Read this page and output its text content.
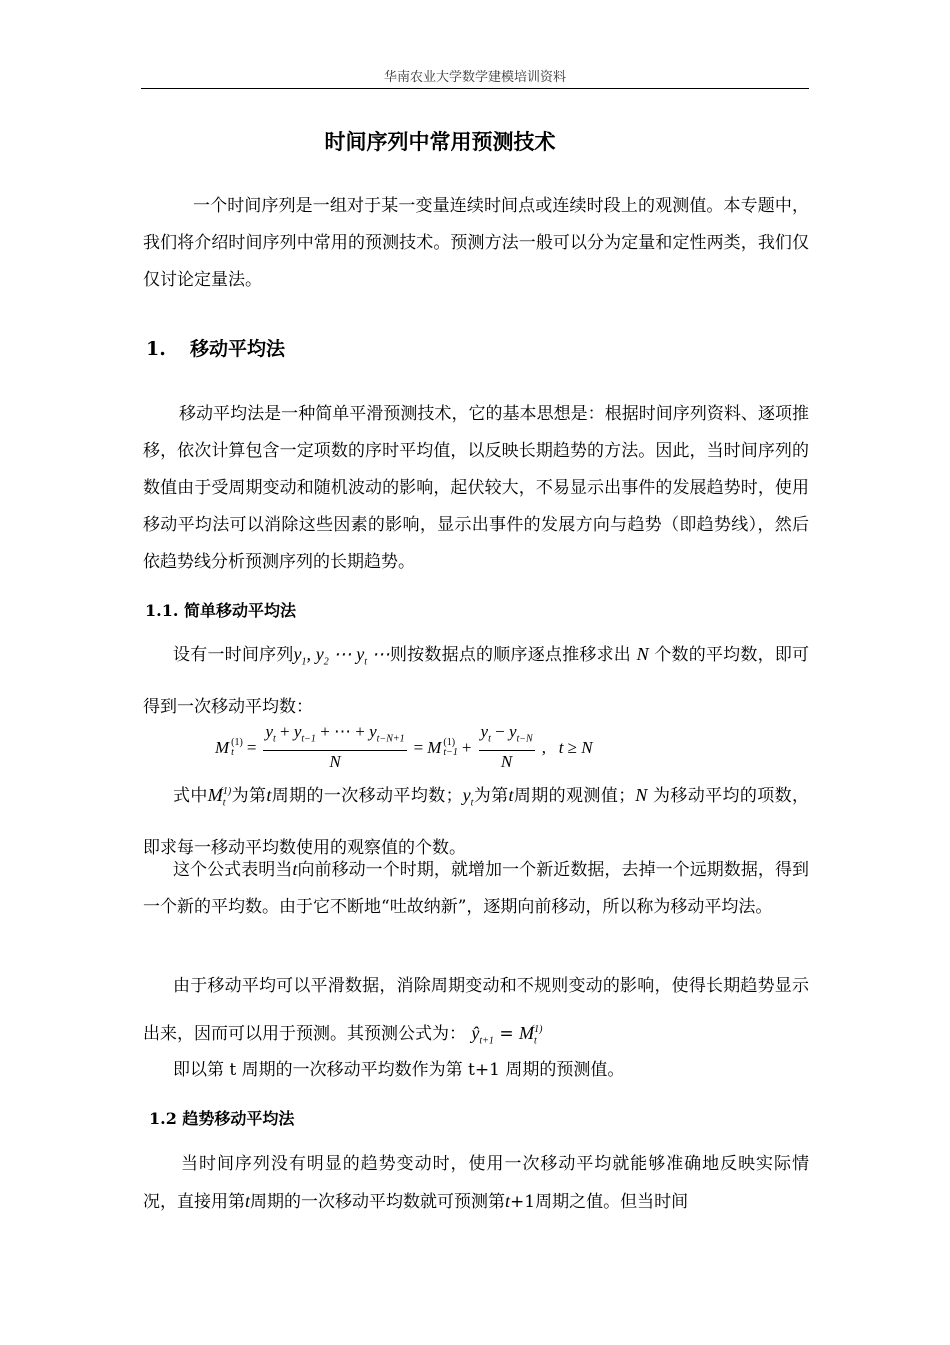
华南农业大学数学建模培训资料
时间序列中常用预测技术

一个时间序列是一组对于某一变量连续时间点或连续时段上的观测值。本专题中，我们将介绍时间序列中常用的预测技术。预测方法一般可以分为定量和定性两类，我们仅仅讨论定量法。

1. 移动平均法

移动平均法是一种简单平滑预测技术，它的基本思想是：根据时间序列资料、逐项推移，依次计算包含一定项数的序时平均值，以反映长期趋势的方法。因此，当时间序列的数值由于受周期变动和随机波动的影响，起伏较大，不易显示出事件的发展趋势时，使用移动平均法可以消除这些因素的影响，显示出事件的发展方向与趋势（即趋势线），然后依趋势线分析预测序列的长期趋势。

1.1. 简单移动平均法

设有一时间序列$y_1$, $y_2$ ⋯ $y_t$ ⋯则按数据点的顺序逐点推移求出 N 个数的平均数，即可得到一次移动平均数：

M (1)
$t = \frac{y_t + y_{t-1} + \cdots + y_{t-N+1}}{N} = M$ (1)
$t-1 + \frac{y_t - y_{t-N}}{N}$ ,   t ≥ N

式中$M_t^{(1)}$为第t周期的一次移动平均数；$y_t$为第t周期的观测值；N 为移动平均的项数，即求每一移动平均数使用的观察值的个数。

这个公式表明当t向前移动一个时期，就增加一个新近数据，去掉一个远期数据，得到一个新的平均数。由于它不断地“吐故纳新”，逐期向前移动，所以称为移动平均法。

由于移动平均可以平滑数据，消除周期变动和不规则变动的影响，使得长期趋势显示出来，因而可以用于预测。其预测公式为： $ŷ_{t+1} = M_t^{(1)}$

即以第 t 周期的一次移动平均数作为第 t+1 周期的预测值。

1.2 趋势移动平均法

当时间序列没有明显的趋势变动时，使用一次移动平均就能够准确地反映实际情况，直接用第t周期的一次移动平均数就可预测第t+1周期之值。但当时间
